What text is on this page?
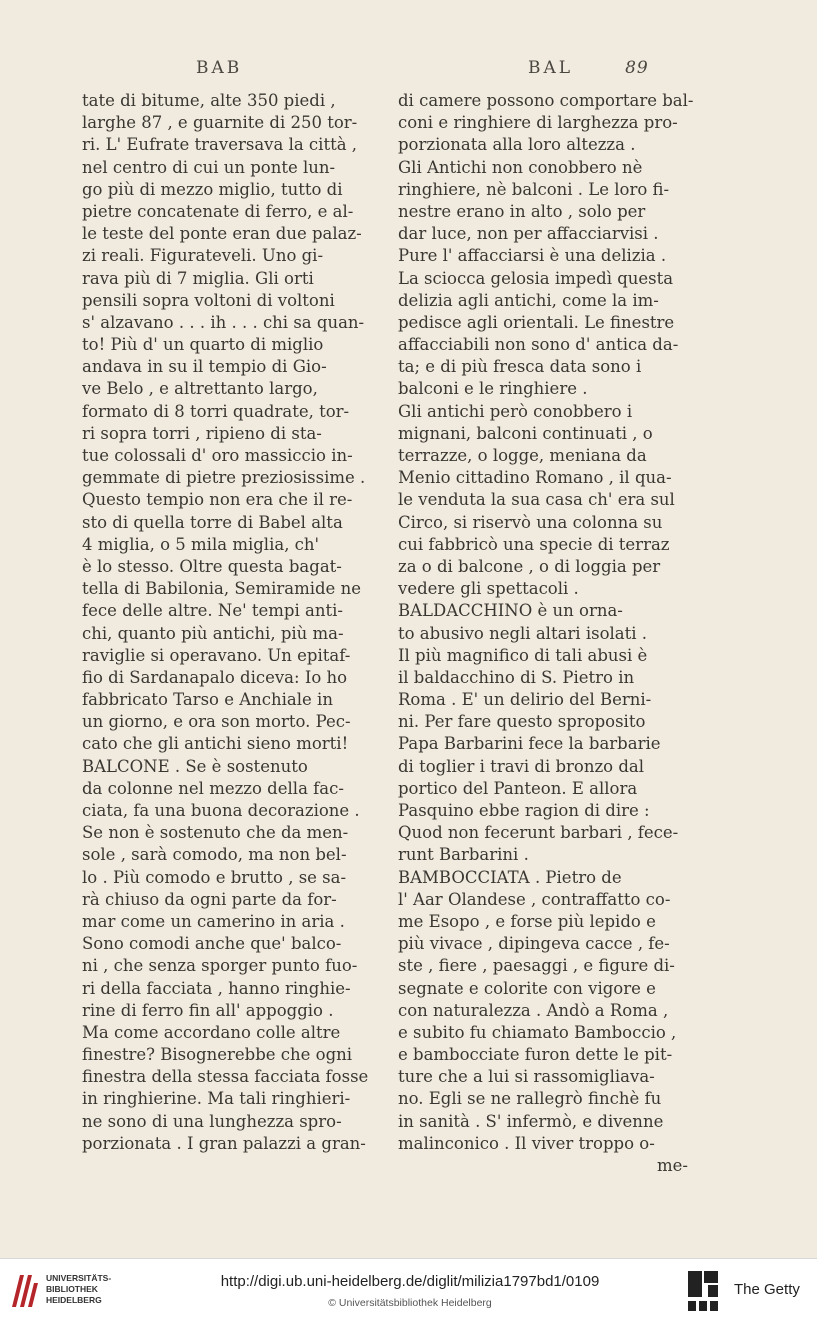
BAB	BAL	89
tate di bitume, alte 350 piedi ,
larghe 87 , e guarnite di 250 tor-
ri. L' Eufrate traversava la città ,
nel centro di cui un ponte lun-
go più di mezzo miglio, tutto di
pietre concatenate di ferro, e al-
le teste del ponte eran due palaz-
zi reali. Figurateveli. Uno gi-
rava più di 7 miglia. Gli orti
pensili sopra voltoni di voltoni
s' alzavano . . . ih . . . chi sa quan-
to! Più d' un quarto di miglio
andava in su il tempio di Gio-
ve Belo , e altrettanto largo,
formato di 8 torri quadrate, tor-
ri sopra torri , ripieno di sta-
tue colossali d' oro massiccio in-
gemmate di pietre preziosissime .
Questo tempio non era che il re-
sto di quella torre di Babel alta
4 miglia, o 5 mila miglia, ch'
è lo stesso. Oltre questa bagat-
tella di Babilonia, Semiramide ne
fece delle altre. Ne' tempi anti-
chi, quanto più antichi, più ma-
raviglie si operavano. Un epitaf-
fio di Sardanapalo diceva: Io ho
fabbricato Tarso e Anchiale in
un giorno, e ora son morto. Pec-
cato che gli antichi sieno morti!
BALCONE . Se è sostenuto
da colonne nel mezzo della fac-
ciata, fa una buona decorazione .
Se non è sostenuto che da men-
sole , sarà comodo, ma non bel-
lo . Più comodo e brutto , se sa-
rà chiuso da ogni parte da for-
mar come un camerino in aria .
Sono comodi anche que' balco-
ni , che senza sporger punto fuo-
ri della facciata , hanno ringhie-
rine di ferro fin all' appoggio .
Ma come accordano colle altre
finestre? Bisognerebbe che ogni
finestra della stessa facciata fosse
in ringhierine. Ma tali ringhieri-
ne sono di una lunghezza spro-
porzionata . I gran palazzi a gran-
di camere possono comportare bal-
coni e ringhiere di larghezza pro-
porzionata alla loro altezza .
Gli Antichi non conobbero nè
ringhiere, nè balconi . Le loro fi-
nestre erano in alto , solo per
dar luce, non per affacciarvisi .
Pure l' affacciarsi è una delizia .
La sciocca gelosia impedì questa
delizia agli antichi, come la im-
pedisce agli orientali. Le finestre
affacciabili non sono d' antica da-
ta; e di più fresca data sono i
balconi e le ringhiere .
Gli antichi però conobbero i
mignani, balconi continuati , o
terrazze, o logge, meniana da
Menio cittadino Romano , il qua-
le venduta la sua casa ch' era sul
Circo, si riservò una colonna su
cui fabbricò una specie di terraz
za o di balcone , o di loggia per
vedere gli spettacoli .
BALDACCHINO è un orna-
to abusivo negli altari isolati .
Il più magnifico di tali abusi è
il baldacchino di S. Pietro in
Roma . E' un delirio del Berni-
ni. Per fare questo sproposito
Papa Barbarini fece la barbarie
di toglier i travi di bronzo dal
portico del Panteon. E allora
Pasquino ebbe ragion di dire :
Quod non fecerunt barbari , fece-
runt Barbarini .
BAMBOCCIATA . Pietro de
l' Aar Olandese , contraffatto co-
me Esopo , e forse più lepido e
più vivace , dipingeva cacce , fe-
ste , fiere , paesaggi , e figure di-
segnate e colorite con vigore e
con naturalezza . Andò a Roma ,
e subito fu chiamato Bamboccio ,
e bambocciate furon dette le pit-
ture che a lui si rassomigliava-
no. Egli se ne rallegrò finchè fu
in sanità . S' infermò, e divenne
malinconico . Il viver troppo o-
me-
UNIVERSITÄTS-
BIBLIOTHEK
HEIDELBERG
http://digi.ub.uni-heidelberg.de/diglit/milizia1797bd1/0109
© Universitätsbibliothek Heidelberg
The Getty
